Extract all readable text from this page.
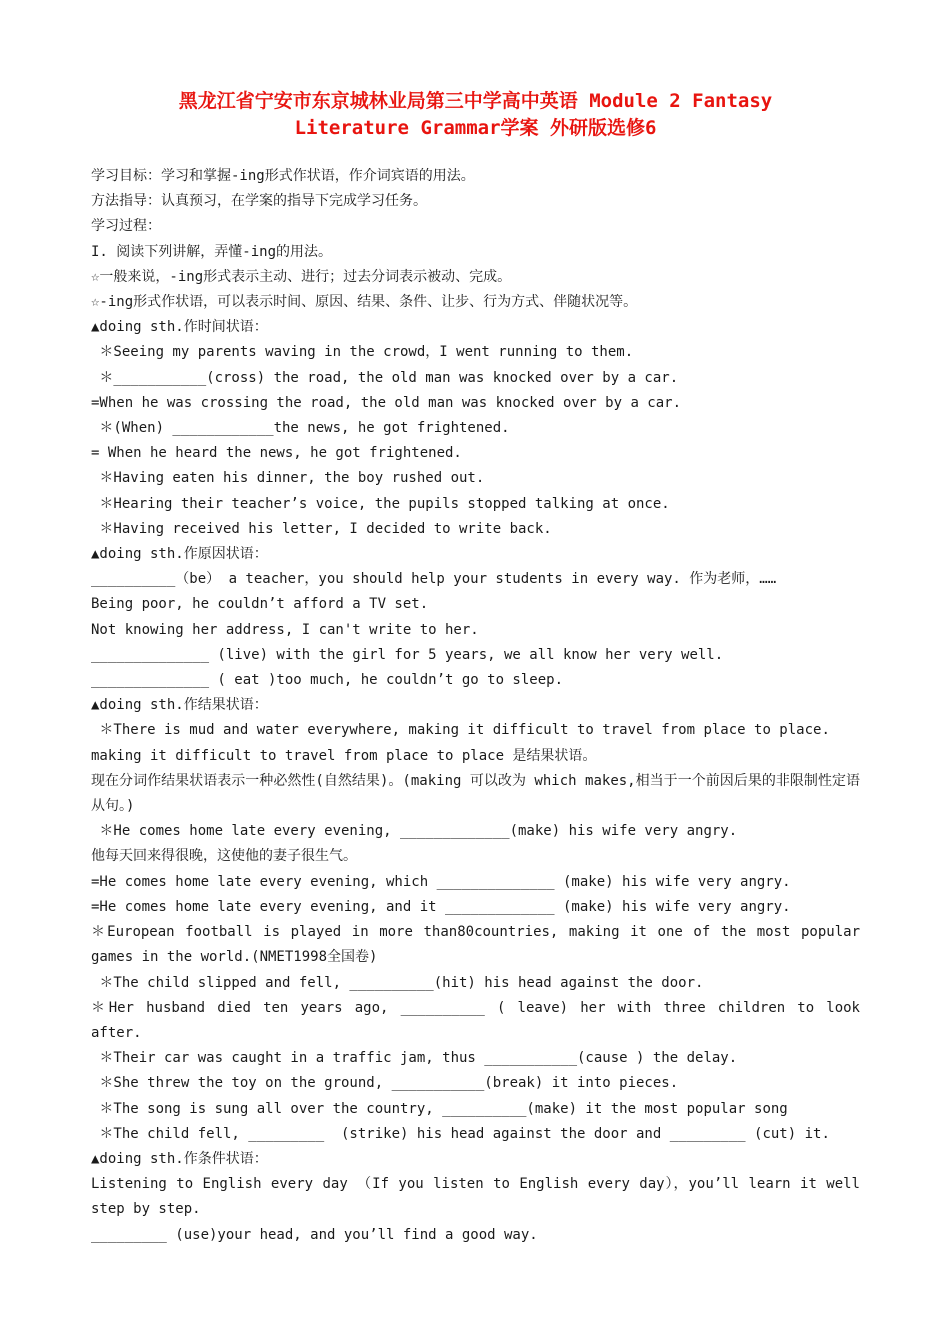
黑龙江省宁安市东京城林业局第三中学高中英语 Module 2 Fantasy
Literature Grammar学案 外研版选修6
学习目标：学习和掌握-ing形式作状语，作介词宾语的用法。
方法指导：认真预习，在学案的指导下完成学习任务。
学习过程：
I. 阅读下列讲解，弄懂-ing的用法。
☆一般来说，-ing形式表示主动、进行；过去分词表示被动、完成。
☆-ing形式作状语，可以表示时间、原因、结果、条件、让步、行为方式、伴随状况等。
▲doing sth.作时间状语：
＊Seeing my parents waving in the crowd，I went running to them.
＊___________(cross) the road, the old man was knocked over by a car.
=When he was crossing the road, the old man was knocked over by a car.
＊(When) ____________the news, he got frightened.
= When he heard the news, he got frightened.
＊Having eaten his dinner, the boy rushed out.
＊Hearing their teacher’s voice, the pupils stopped talking at once.
＊Having received his letter, I decided to write back.
▲doing sth.作原因状语：
__________（be） a teacher，you should help your students in every way. 作为老师，……
Being poor, he couldn’t afford a TV set.
Not knowing her address, I can't write to her.
______________ (live) with the girl for 5 years, we all know her very well.
______________ ( eat )too much, he couldn’t go to sleep.
▲doing sth.作结果状语：
＊There is mud and water everywhere, making it difficult to travel from place to place.
making it difficult to travel from place to place 是结果状语。
现在分词作结果状语表示一种必然性(自然结果)。(making 可以改为 which makes,相当于一个前因后果的非限制性定语从句。)
＊He comes home late every evening, _____________(make) his wife very angry.
他每天回来得很晚，这使他的妻子很生气。
=He comes home late every evening, which ______________ (make) his wife very angry.
=He comes home late every evening, and it _____________ (make) his wife very angry.
＊European football is played in more than80countries, making it one of the most popular games in the world.(NMET1998全国卷)
＊The child slipped and fell, __________(hit) his head against the door.
＊Her husband died ten years ago, __________ ( leave) her with three children to look after.
＊Their car was caught in a traffic jam, thus ___________(cause ) the delay.
＊She threw the toy on the ground, ___________(break) it into pieces.
＊The song is sung all over the country, __________(make) it the most popular song
＊The child fell, _________  (strike) his head against the door and _________ (cut) it.
▲doing sth.作条件状语：
Listening to English every day （If you listen to English every day），you’ll learn it well step by step.
_________ (use)your head, and you’ll find a good way.
